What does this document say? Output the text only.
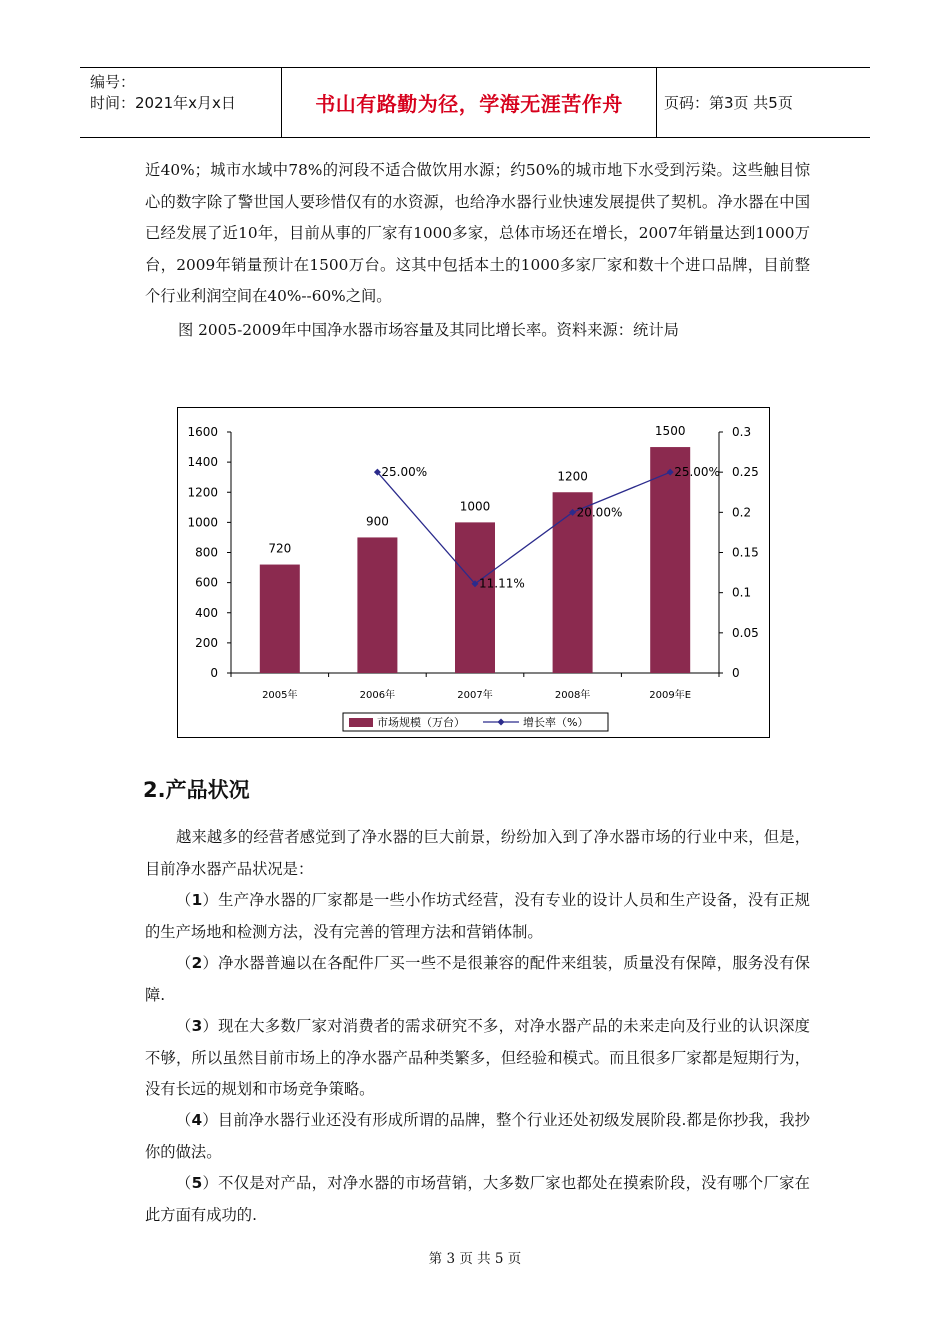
编号：
时间：2021年x月x日	书山有路勤为径，学海无涯苦作舟	页码：第3页 共5页
近40%；城市水域中78%的河段不适合做饮用水源；约50%的城市地下水受到污染。这些触目惊心的数字除了警世国人要珍惜仅有的水资源，也给净水器行业快速发展提供了契机。净水器在中国已经发展了近10年，目前从事的厂家有1000多家，总体市场还在增长，2007年销量达到1000万台，2009年销量预计在1500万台。这其中包括本土的1000多家厂家和数十个进口品牌，目前整个行业利润空间在40%--60%之间。
图 2005-2009年中国净水器市场容量及其同比增长率。资料来源：统计局
0
200
400
600
800
1000
1200
1400
1600
0
0.05
0.1
0.15
0.2
0.25
0.3
2005年
720
2006年
900
2007年
1000
2008年
1200
2009年E
1500
25.00%
11.11%
20.00%
25.00%
市场规模（万台）	增长率（%）
2.产品状况
越来越多的经营者感觉到了净水器的巨大前景，纷纷加入到了净水器市场的行业中来，但是，目前净水器产品状况是：
（1）生产净水器的厂家都是一些小作坊式经营，没有专业的设计人员和生产设备，没有正规的生产场地和检测方法，没有完善的管理方法和营销体制。
（2）净水器普遍以在各配件厂买一些不是很兼容的配件来组装，质量没有保障，服务没有保障.
（3）现在大多数厂家对消费者的需求研究不多，对净水器产品的未来走向及行业的认识深度不够，所以虽然目前市场上的净水器产品种类繁多，但经验和模式。而且很多厂家都是短期行为，没有长远的规划和市场竞争策略。
（4）目前净水器行业还没有形成所谓的品牌，整个行业还处初级发展阶段.都是你抄我，我抄你的做法。
（5）不仅是对产品，对净水器的市场营销，大多数厂家也都处在摸索阶段，没有哪个厂家在此方面有成功的.
第 3 页 共 5 页
